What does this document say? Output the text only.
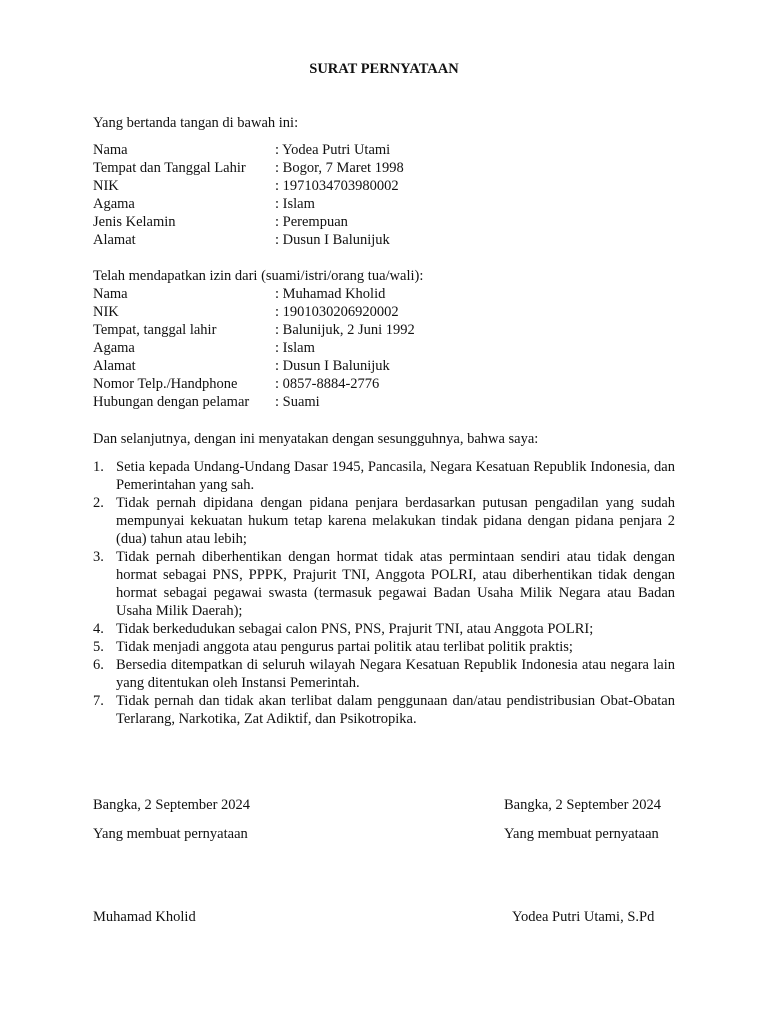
SURAT PERNYATAAN
Yang bertanda tangan di bawah ini:
Nama	: Yodea Putri Utami
Tempat dan Tanggal Lahir	: Bogor, 7 Maret 1998
NIK	: 1971034703980002
Agama	: Islam
Jenis Kelamin	: Perempuan
Alamat	: Dusun I Balunijuk
Telah mendapatkan izin dari (suami/istri/orang tua/wali):
Nama	: Muhamad Kholid
NIK	: 1901030206920002
Tempat, tanggal lahir	: Balunijuk, 2 Juni 1992
Agama	: Islam
Alamat	: Dusun I Balunijuk
Nomor Telp./Handphone	: 0857-8884-2776
Hubungan dengan pelamar	: Suami
Dan selanjutnya, dengan ini menyatakan dengan sesungguhnya, bahwa saya:
1. Setia kepada Undang-Undang Dasar 1945, Pancasila, Negara Kesatuan Republik Indonesia, dan Pemerintahan yang sah.
2. Tidak pernah dipidana dengan pidana penjara berdasarkan putusan pengadilan yang sudah mempunyai kekuatan hukum tetap karena melakukan tindak pidana dengan pidana penjara 2 (dua) tahun atau lebih;
3. Tidak pernah diberhentikan dengan hormat tidak atas permintaan sendiri atau tidak dengan hormat sebagai PNS, PPPK, Prajurit TNI, Anggota POLRI, atau diberhentikan tidak dengan hormat sebagai pegawai swasta (termasuk pegawai Badan Usaha Milik Negara atau Badan Usaha Milik Daerah);
4. Tidak berkedudukan sebagai calon PNS, PNS, Prajurit TNI, atau Anggota POLRI;
5. Tidak menjadi anggota atau pengurus partai politik atau terlibat politik praktis;
6. Bersedia ditempatkan di seluruh wilayah Negara Kesatuan Republik Indonesia atau negara lain yang ditentukan oleh Instansi Pemerintah.
7. Tidak pernah dan tidak akan terlibat dalam penggunaan dan/atau pendistribusian Obat-Obatan Terlarang, Narkotika, Zat Adiktif, dan Psikotropika.
Bangka, 2 September 2024
Yang membuat pernyataan
Muhamad Kholid
Bangka, 2 September 2024
Yang membuat pernyataan
Yodea Putri Utami, S.Pd
